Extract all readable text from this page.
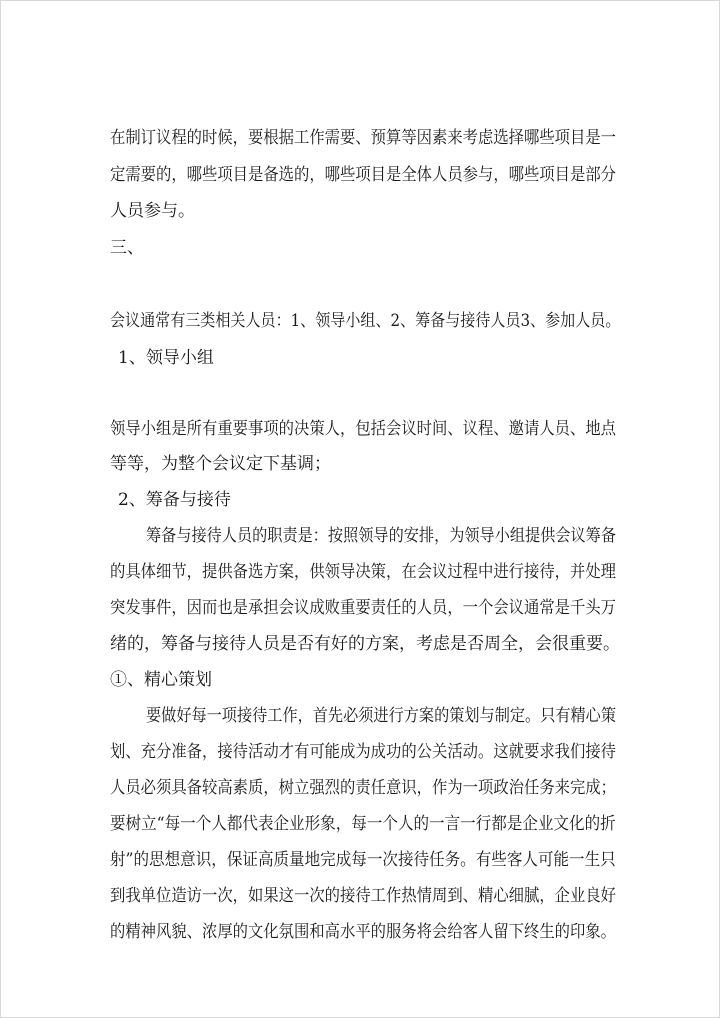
在制订议程的时候，要根据工作需要、预算等因素来考虑选择哪些项目是一
定需要的，哪些项目是备选的，哪些项目是全体人员参与，哪些项目是部分
人员参与。
三、
会议通常有三类相关人员：1、领导小组、2、筹备与接待人员3、参加人员。
1、领导小组
领导小组是所有重要事项的决策人，包括会议时间、议程、邀请人员、地点
等等，为整个会议定下基调；
2、筹备与接待
筹备与接待人员的职责是：按照领导的安排，为领导小组提供会议筹备
的具体细节，提供备选方案，供领导决策，在会议过程中进行接待，并处理
突发事件，因而也是承担会议成败重要责任的人员，一个会议通常是千头万
绪的，筹备与接待人员是否有好的方案，考虑是否周全，会很重要。
①、精心策划
要做好每一项接待工作，首先必须进行方案的策划与制定。只有精心策
划、充分准备，接待活动才有可能成为成功的公关活动。这就要求我们接待
人员必须具备较高素质，树立强烈的责任意识，作为一项政治任务来完成；
要树立“每一个人都代表企业形象，每一个人的一言一行都是企业文化的折
射”的思想意识，保证高质量地完成每一次接待任务。有些客人可能一生只
到我单位造访一次，如果这一次的接待工作热情周到、精心细腻，企业良好
的精神风貌、浓厚的文化氛围和高水平的服务将会给客人留下终生的印象。
